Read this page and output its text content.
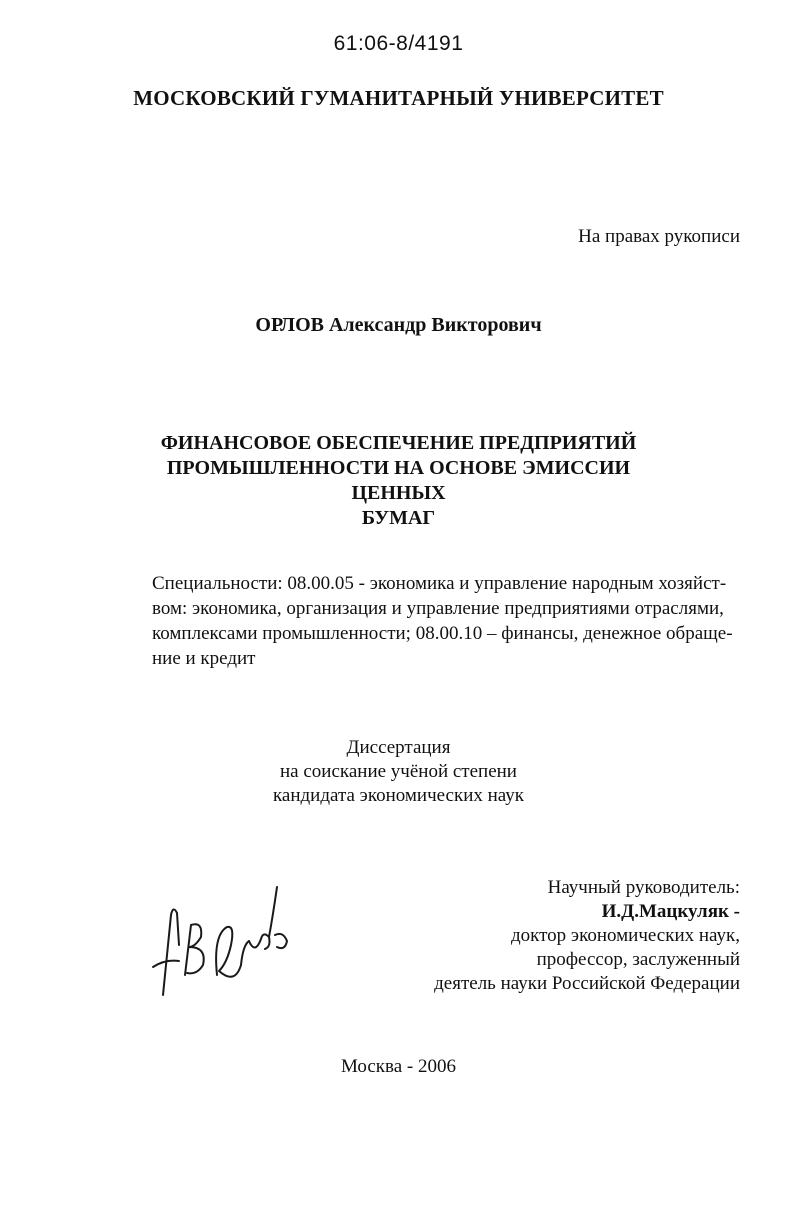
61:06-8/4191
МОСКОВСКИЙ ГУМАНИТАРНЫЙ УНИВЕРСИТЕТ
На правах рукописи
ОРЛОВ Александр Викторович
ФИНАНСОВОЕ ОБЕСПЕЧЕНИЕ ПРЕДПРИЯТИЙ
ПРОМЫШЛЕННОСТИ НА ОСНОВЕ ЭМИССИИ ЦЕННЫХ
БУМАГ
Специальности: 08.00.05 - экономика и управление народным хозяйст-
вом: экономика, организация и управление предприятиями отраслями,
комплексами промышленности; 08.00.10 – финансы, денежное обраще-
ние и кредит
Диссертация
на соискание учёной степени
кандидата экономических наук
Научный руководитель:
И.Д.Мацкуляк -
доктор экономических наук,
профессор, заслуженный
деятель науки Российской Федерации
Москва - 2006
